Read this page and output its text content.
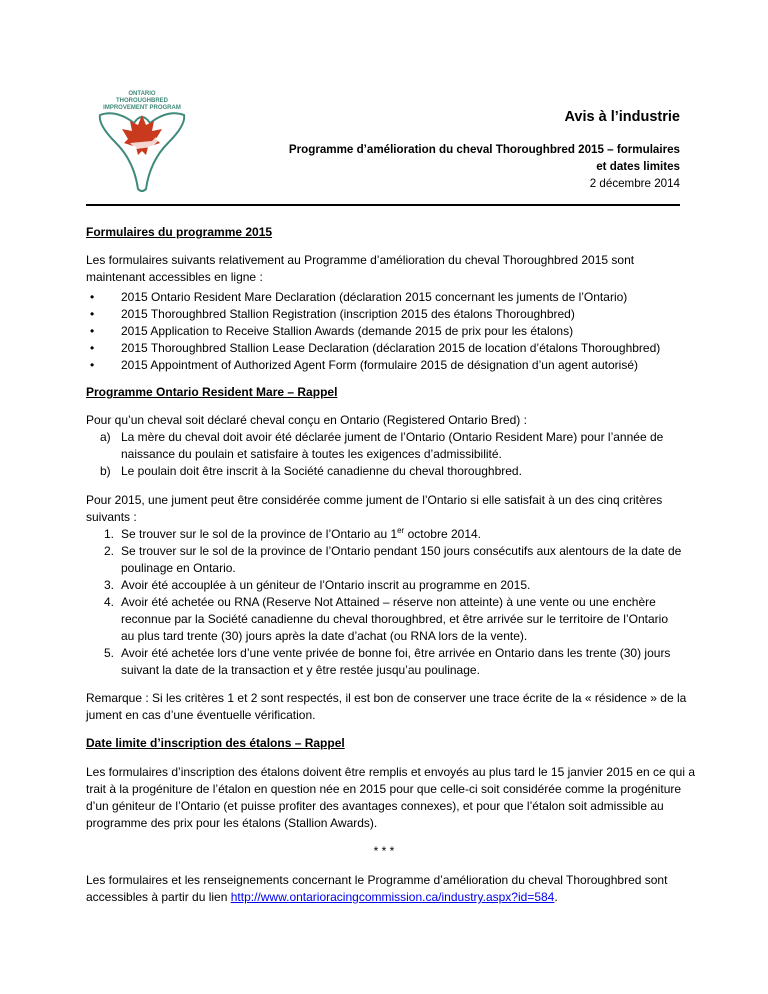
ONTARIO
THOROUGHBRED
IMPROVEMENT PROGRAM
Avis à l’industrie
Programme d’amélioration du cheval Thoroughbred 2015 – formulaires
et dates limites
2 décembre 2014
Formulaires du programme 2015
Les formulaires suivants relativement au Programme d’amélioration du cheval Thoroughbred 2015 sont
maintenant accessibles en ligne :
• 2015 Ontario Resident Mare Declaration (déclaration 2015 concernant les juments de l’Ontario)
• 2015 Thoroughbred Stallion Registration (inscription 2015 des étalons Thoroughbred)
• 2015 Application to Receive Stallion Awards (demande 2015 de prix pour les étalons)
• 2015 Thoroughbred Stallion Lease Declaration (déclaration 2015 de location d’étalons Thoroughbred)
• 2015 Appointment of Authorized Agent Form (formulaire 2015 de désignation d’un agent autorisé)
Programme Ontario Resident Mare – Rappel
Pour qu’un cheval soit déclaré cheval conçu en Ontario (Registered Ontario Bred) :
a) La mère du cheval doit avoir été déclarée jument de l’Ontario (Ontario Resident Mare) pour l’année de
naissance du poulain et satisfaire à toutes les exigences d’admissibilité.
b) Le poulain doit être inscrit à la Société canadienne du cheval thoroughbred.
Pour 2015, une jument peut être considérée comme jument de l’Ontario si elle satisfait à un des cinq critères
suivants :
1. Se trouver sur le sol de la province de l’Ontario au 1er octobre 2014.
2. Se trouver sur le sol de la province de l’Ontario pendant 150 jours consécutifs aux alentours de la date de
poulinage en Ontario.
3. Avoir été accouplée à un géniteur de l’Ontario inscrit au programme en 2015.
4. Avoir été achetée ou RNA (Reserve Not Attained – réserve non atteinte) à une vente ou une enchère
reconnue par la Société canadienne du cheval thoroughbred, et être arrivée sur le territoire de l’Ontario
au plus tard trente (30) jours après la date d’achat (ou RNA lors de la vente).
5. Avoir été achetée lors d’une vente privée de bonne foi, être arrivée en Ontario dans les trente (30) jours
suivant la date de la transaction et y être restée jusqu’au poulinage.
Remarque : Si les critères 1 et 2 sont respectés, il est bon de conserver une trace écrite de la « résidence » de la
jument en cas d’une éventuelle vérification.
Date limite d’inscription des étalons – Rappel
Les formulaires d’inscription des étalons doivent être remplis et envoyés au plus tard le 15 janvier 2015 en ce qui a
trait à la progéniture de l’étalon en question née en 2015 pour que celle-ci soit considérée comme la progéniture
d’un géniteur de l’Ontario (et puisse profiter des avantages connexes), et pour que l’étalon soit admissible au
programme des prix pour les étalons (Stallion Awards).
* * *
Les formulaires et les renseignements concernant le Programme d’amélioration du cheval Thoroughbred sont
accessibles à partir du lien http://www.ontarioracingcommission.ca/industry.aspx?id=584.
